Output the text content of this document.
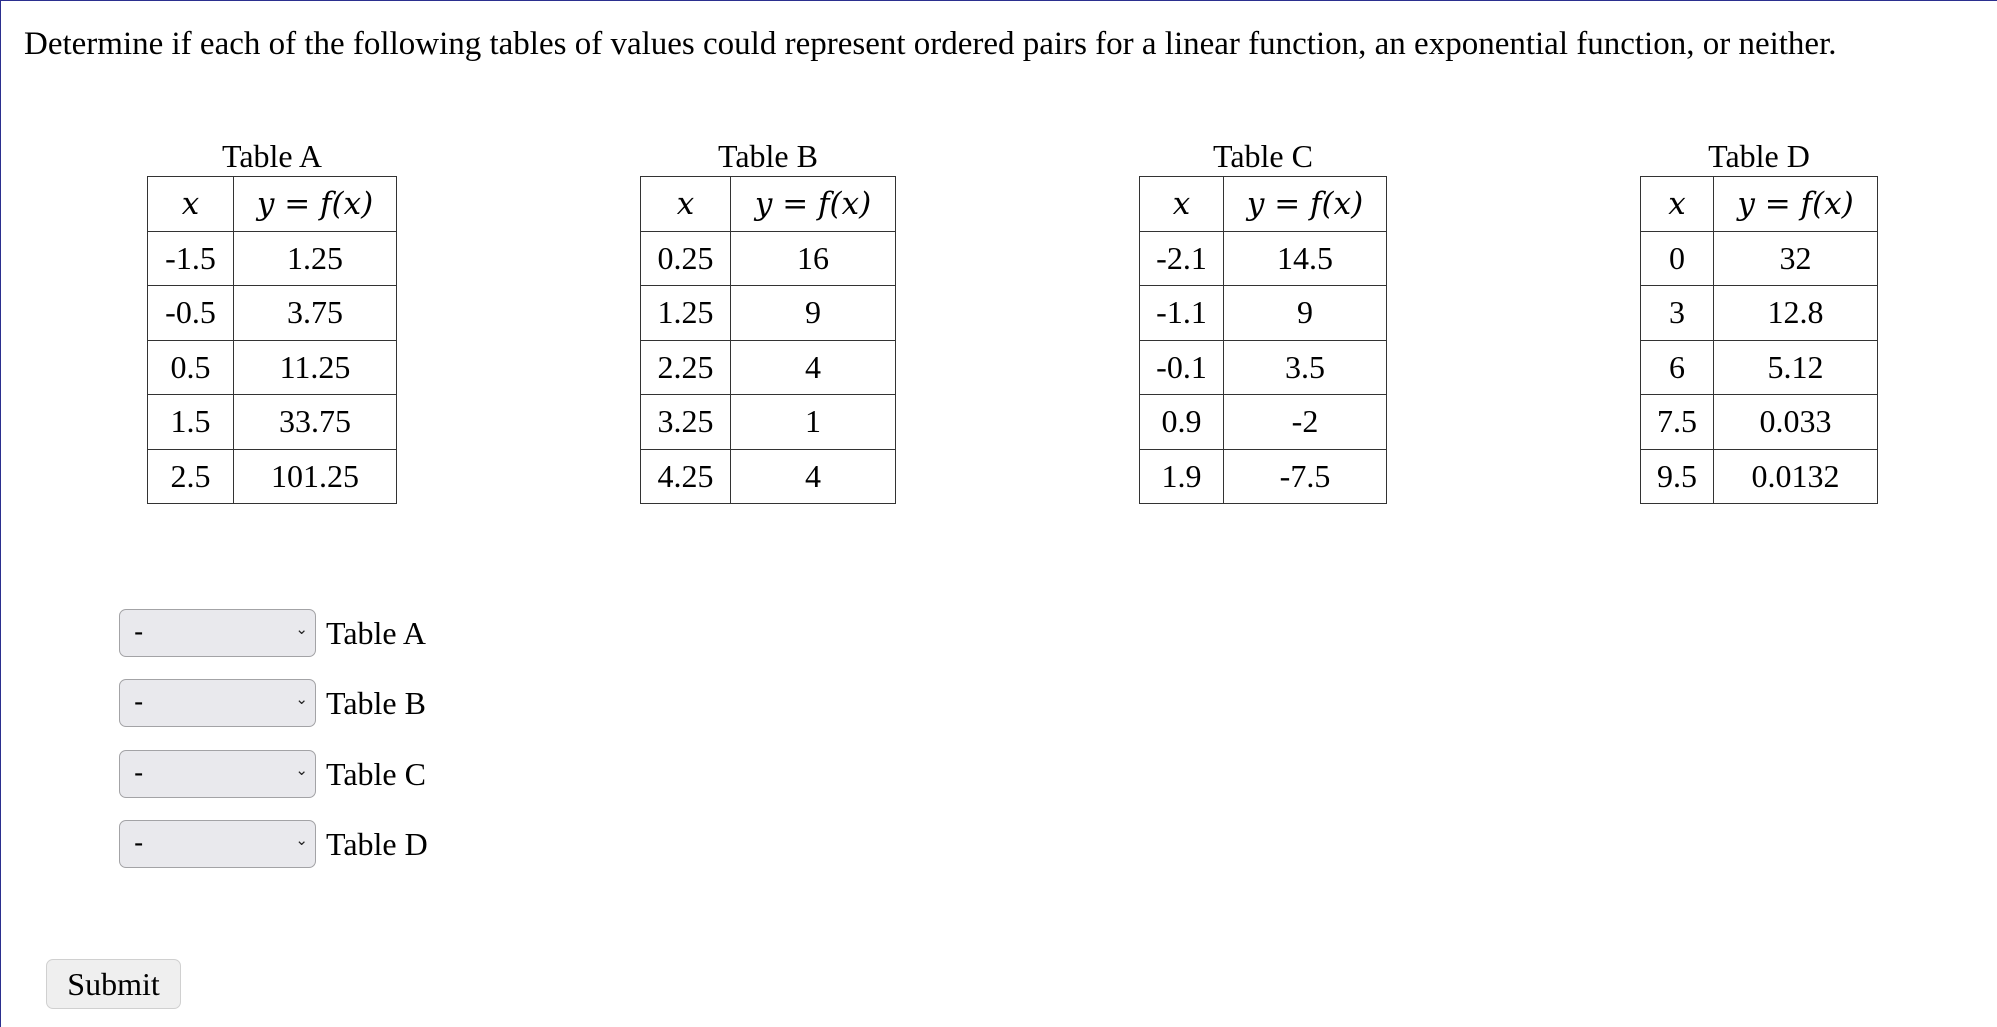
Determine if each of the following tables of values could represent ordered pairs for a linear function, an exponential function, or neither.
Table A
x	y = f(x)
-1.5	1.25
-0.5	3.75
0.5	11.25
1.5	33.75
2.5	101.25
Table B
x	y = f(x)
0.25	16
1.25	9
2.25	4
3.25	1
4.25	4
Table C
x	y = f(x)
-2.1	14.5
-1.1	9
-0.1	3.5
0.9	-2
1.9	-7.5
Table D
x	y = f(x)
0	32
3	12.8
6	5.12
7.5	0.033
9.5	0.0132
-	⌄ Table A
-	⌄ Table B
-	⌄ Table C
-	⌄ Table D
Submit
